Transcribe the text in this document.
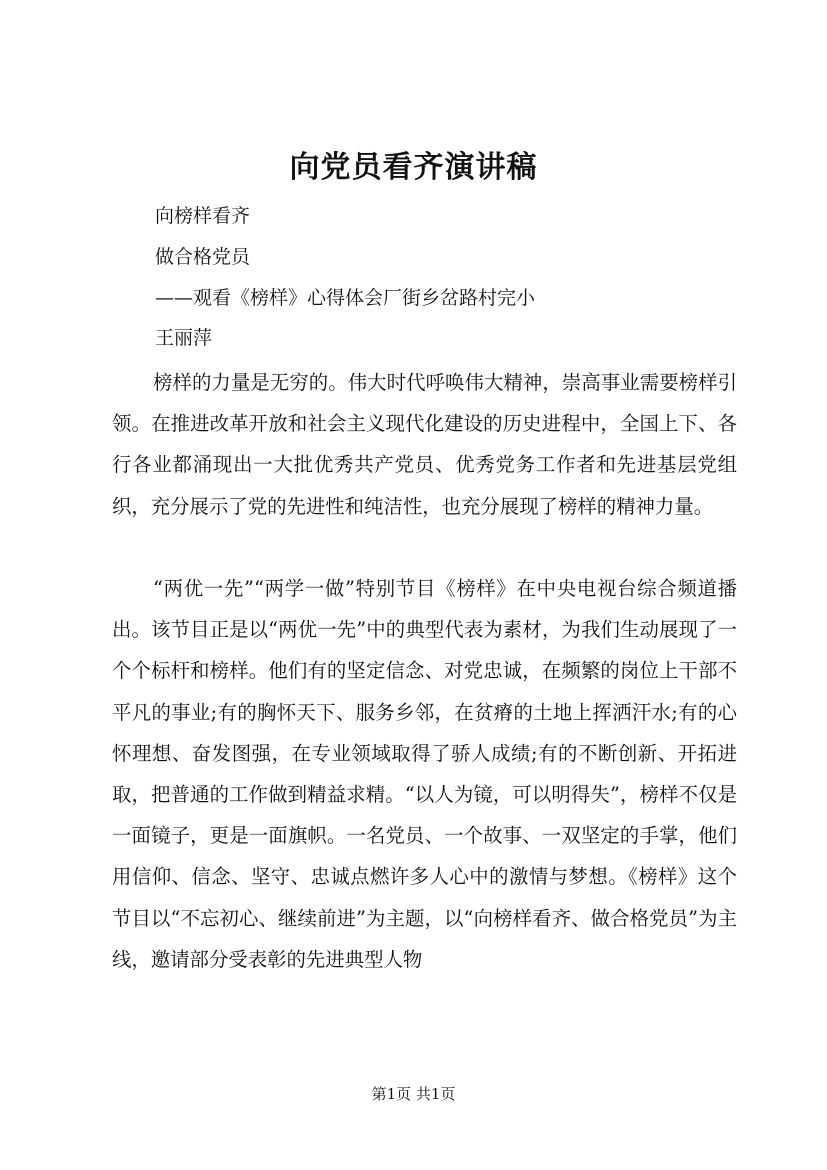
向党员看齐演讲稿
向榜样看齐
做合格党员
——观看《榜样》心得体会厂街乡岔路村完小
王丽萍

榜样的力量是无穷的。伟大时代呼唤伟大精神，崇高事业需要榜样引领。在推进改革开放和社会主义现代化建设的历史进程中，全国上下、各行各业都涌现出一大批优秀共产党员、优秀党务工作者和先进基层党组织，充分展示了党的先进性和纯洁性，也充分展现了榜样的精神力量。

“两优一先”“两学一做”特别节目《榜样》在中央电视台综合频道播出。该节目正是以“两优一先”中的典型代表为素材，为我们生动展现了一个个标杆和榜样。他们有的坚定信念、对党忠诚，在频繁的岗位上干部不平凡的事业;有的胸怀天下、服务乡邻，在贫瘠的土地上挥洒汗水;有的心怀理想、奋发图强，在专业领域取得了骄人成绩;有的不断创新、开拓进取，把普通的工作做到精益求精。“以人为镜，可以明得失”，榜样不仅是一面镜子，更是一面旗帜。一名党员、一个故事、一双坚定的手掌，他们用信仰、信念、坚守、忠诚点燃许多人心中的激情与梦想。《榜样》这个节目以“不忘初心、继续前进”为主题，以“向榜样看齐、做合格党员”为主线，邀请部分受表彰的先进典型人物

第1页 共1页
